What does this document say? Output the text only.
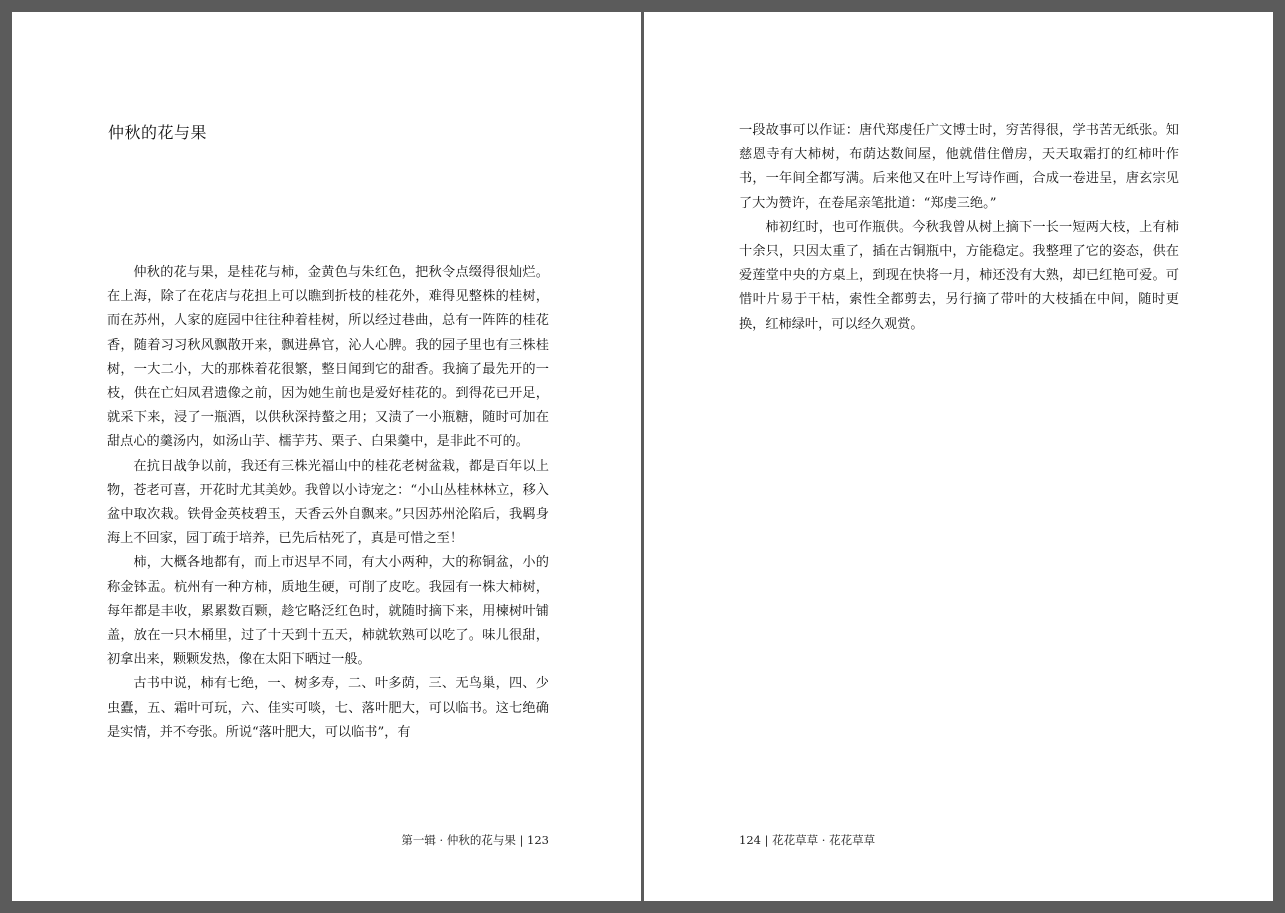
仲秋的花与果

仲秋的花与果，是桂花与柿，金黄色与朱红色，把秋令点缀得很灿烂。在上海，除了在花店与花担上可以瞧到折枝的桂花外，难得见整株的桂树，而在苏州，人家的庭园中往往种着桂树，所以经过巷曲，总有一阵阵的桂花香，随着习习秋风飘散开来，飘进鼻官，沁人心脾。我的园子里也有三株桂树，一大二小，大的那株着花很繁，整日闻到它的甜香。我摘了最先开的一枝，供在亡妇凤君遗像之前，因为她生前也是爱好桂花的。到得花已开足，就采下来，浸了一瓶酒，以供秋深持螯之用；又渍了一小瓶糖，随时可加在甜点心的羹汤内，如汤山芋、檽芋艿、栗子、白果羹中，是非此不可的。

在抗日战争以前，我还有三株光福山中的桂花老树盆栽，都是百年以上物，苍老可喜，开花时尤其美妙。我曾以小诗宠之：“小山丛桂林林立，移入盆中取次栽。铁骨金英枝碧玉，天香云外自飘来。”只因苏州沦陷后，我羁身海上不回家，园丁疏于培养，已先后枯死了，真是可惜之至！

柿，大概各地都有，而上市迟早不同，有大小两种，大的称铜盆，小的称金钵盂。杭州有一种方柿，质地生硬，可削了皮吃。我园有一株大柿树，每年都是丰收，累累数百颗，趁它略泛红色时，就随时摘下来，用楝树叶铺盖，放在一只木桶里，过了十天到十五天，柿就软熟可以吃了。味儿很甜，初拿出来，颗颗发热，像在太阳下晒过一般。

古书中说，柿有七绝，一、树多寿，二、叶多荫，三、无鸟巢，四、少虫蠹，五、霜叶可玩，六、佳实可啖，七、落叶肥大，可以临书。这七绝确是实情，并不夸张。所说“落叶肥大，可以临书”，有

第一辑 · 仲秋的花与果 | 123

一段故事可以作证：唐代郑虔任广文博士时，穷苦得很，学书苦无纸张。知慈恩寺有大柿树，布荫达数间屋，他就借住僧房，天天取霜打的红柿叶作书，一年间全都写满。后来他又在叶上写诗作画，合成一卷进呈，唐玄宗见了大为赞许，在卷尾亲笔批道：“郑虔三绝。”

柿初红时，也可作瓶供。今秋我曾从树上摘下一长一短两大枝，上有柿十余只，只因太重了，插在古铜瓶中，方能稳定。我整理了它的姿态，供在爱莲堂中央的方桌上，到现在快将一月，柿还没有大熟，却已红艳可爱。可惜叶片易于干枯，索性全都剪去，另行摘了带叶的大枝插在中间，随时更换，红柿绿叶，可以经久观赏。

124 | 花花草草 · 花花草草
